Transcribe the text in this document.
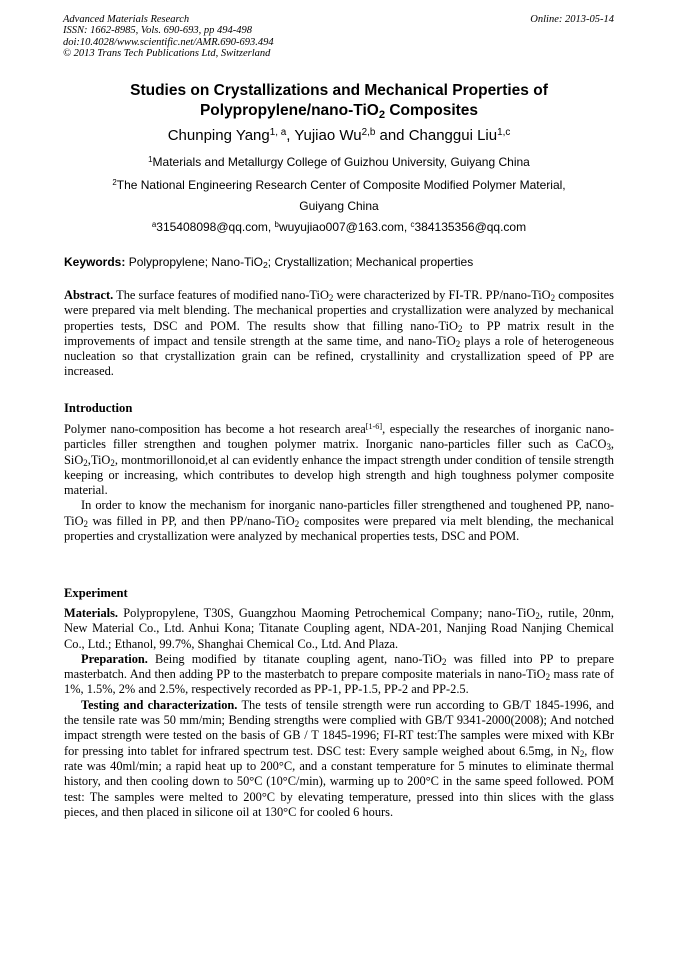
Advanced Materials Research
ISSN: 1662-8985, Vols. 690-693, pp 494-498
doi:10.4028/www.scientific.net/AMR.690-693.494
© 2013 Trans Tech Publications Ltd, Switzerland
Online: 2013-05-14
Studies on Crystallizations and Mechanical Properties of
Polypropylene/nano-TiO$_2$ Composites
Chunping Yang$^{1, a}$, Yujiao Wu$^{2,b}$ and Changgui Liu$^{1,c}$
$^1$Materials and Metallurgy College of Guizhou University, Guiyang China
$^2$The National Engineering Research Center of Composite Modified Polymer Material,
Guiyang China
$^a$315408098@qq.com, $^b$wuyujiao007@163.com, $^c$384135356@qq.com
Keywords: Polypropylene; Nano-TiO$_2$; Crystallization; Mechanical properties
Abstract. The surface features of modified nano-TiO$_2$ were characterized by FI-TR. PP/nano-TiO$_2$ composites were prepared via melt blending. The mechanical properties and crystallization were analyzed by mechanical properties tests, DSC and POM. The results show that filling nano-TiO$_2$ to PP matrix result in the improvements of impact and tensile strength at the same time, and nano-TiO$_2$ plays a role of heterogeneous nucleation so that crystallization grain can be refined, crystallinity and crystallization speed of PP are increased.
Introduction
Polymer nano-composition has become a hot research area[1-6], especially the researches of inorganic nano-particles filler strengthen and toughen polymer matrix. Inorganic nano-particles filler such as CaCO$_3$, SiO$_2$,TiO$_2$, montmorillonoid,et al can evidently enhance the impact strength under condition of tensile strength keeping or increasing, which contributes to develop high strength and high toughness polymer composite material.
In order to know the mechanism for inorganic nano-particles filler strengthened and toughened PP, nano-TiO$_2$ was filled in PP, and then PP/nano-TiO$_2$ composites were prepared via melt blending, the mechanical properties and crystallization were analyzed by mechanical properties tests, DSC and POM.
Experiment
Materials. Polypropylene, T30S, Guangzhou Maoming Petrochemical Company; nano-TiO$_2$, rutile, 20nm, New Material Co., Ltd. Anhui Kona; Titanate Coupling agent, NDA-201, Nanjing Road Nanjing Chemical Co., Ltd.; Ethanol, 99.7%, Shanghai Chemical Co., Ltd. And Plaza.
Preparation. Being modified by titanate coupling agent, nano-TiO$_2$ was filled into PP to prepare masterbatch. And then adding PP to the masterbatch to prepare composite materials in nano-TiO$_2$ mass rate of 1%, 1.5%, 2% and 2.5%, respectively recorded as PP-1, PP-1.5, PP-2 and PP-2.5.
Testing and characterization. The tests of tensile strength were run according to GB/T 1845-1996, and the tensile rate was 50 mm/min; Bending strengths were complied with GB/T 9341-2000(2008); And notched impact strength were tested on the basis of GB / T 1845-1996; FI-RT test:The samples were mixed with KBr for pressing into tablet for infrared spectrum test. DSC test: Every sample weighed about 6.5mg, in $N_2$, flow rate was 40ml/min; a rapid heat up to 200°C, and a constant temperature for 5 minutes to eliminate thermal history, and then cooling down to 50°C (10°C/min), warming up to 200°C in the same speed followed. POM test: The samples were melted to 200°C by elevating temperature, pressed into thin slices with the glass pieces, and then placed in silicone oil at 130°C for cooled 6 hours.
